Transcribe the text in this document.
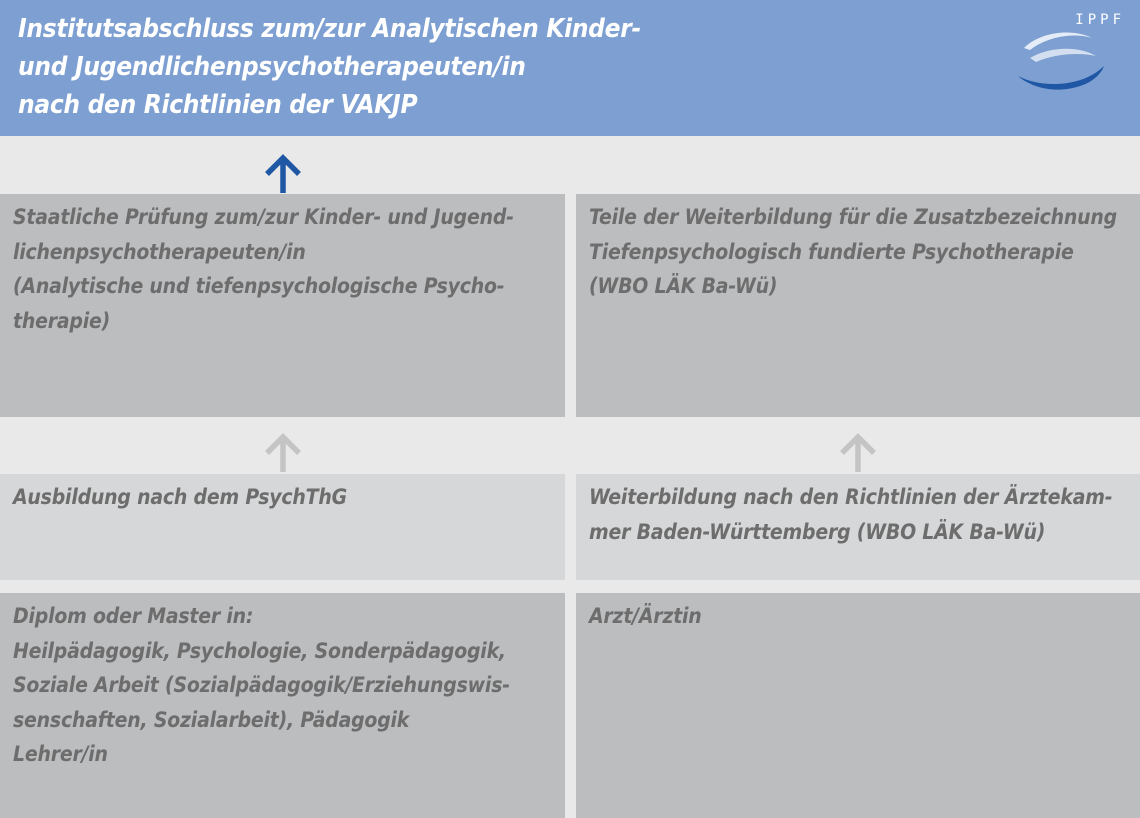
Institutsabschluss zum/zur Analytischen Kinder-
und Jugendlichenpsychotherapeuten/in
nach den Richtlinien der VAKJP
IPPF
Staatliche Prüfung zum/zur Kinder- und Jugend-
lichenpsychotherapeuten/in
(Analytische und tiefenpsychologische Psycho-
therapie)
Teile der Weiterbildung für die Zusatzbezeichnung
Tiefenpsychologisch fundierte Psychotherapie
(WBO LÄK Ba-Wü)
Ausbildung nach dem PsychThG	Weiterbildung nach den Richtlinien der Ärztekam-
mer Baden-Württemberg (WBO LÄK Ba-Wü)
Diplom oder Master in:
Heilpädagogik, Psychologie, Sonderpädagogik,
Soziale Arbeit (Sozialpädagogik/Erziehungswis-
senschaften, Sozialarbeit), Pädagogik
Lehrer/in
Arzt/Ärztin
